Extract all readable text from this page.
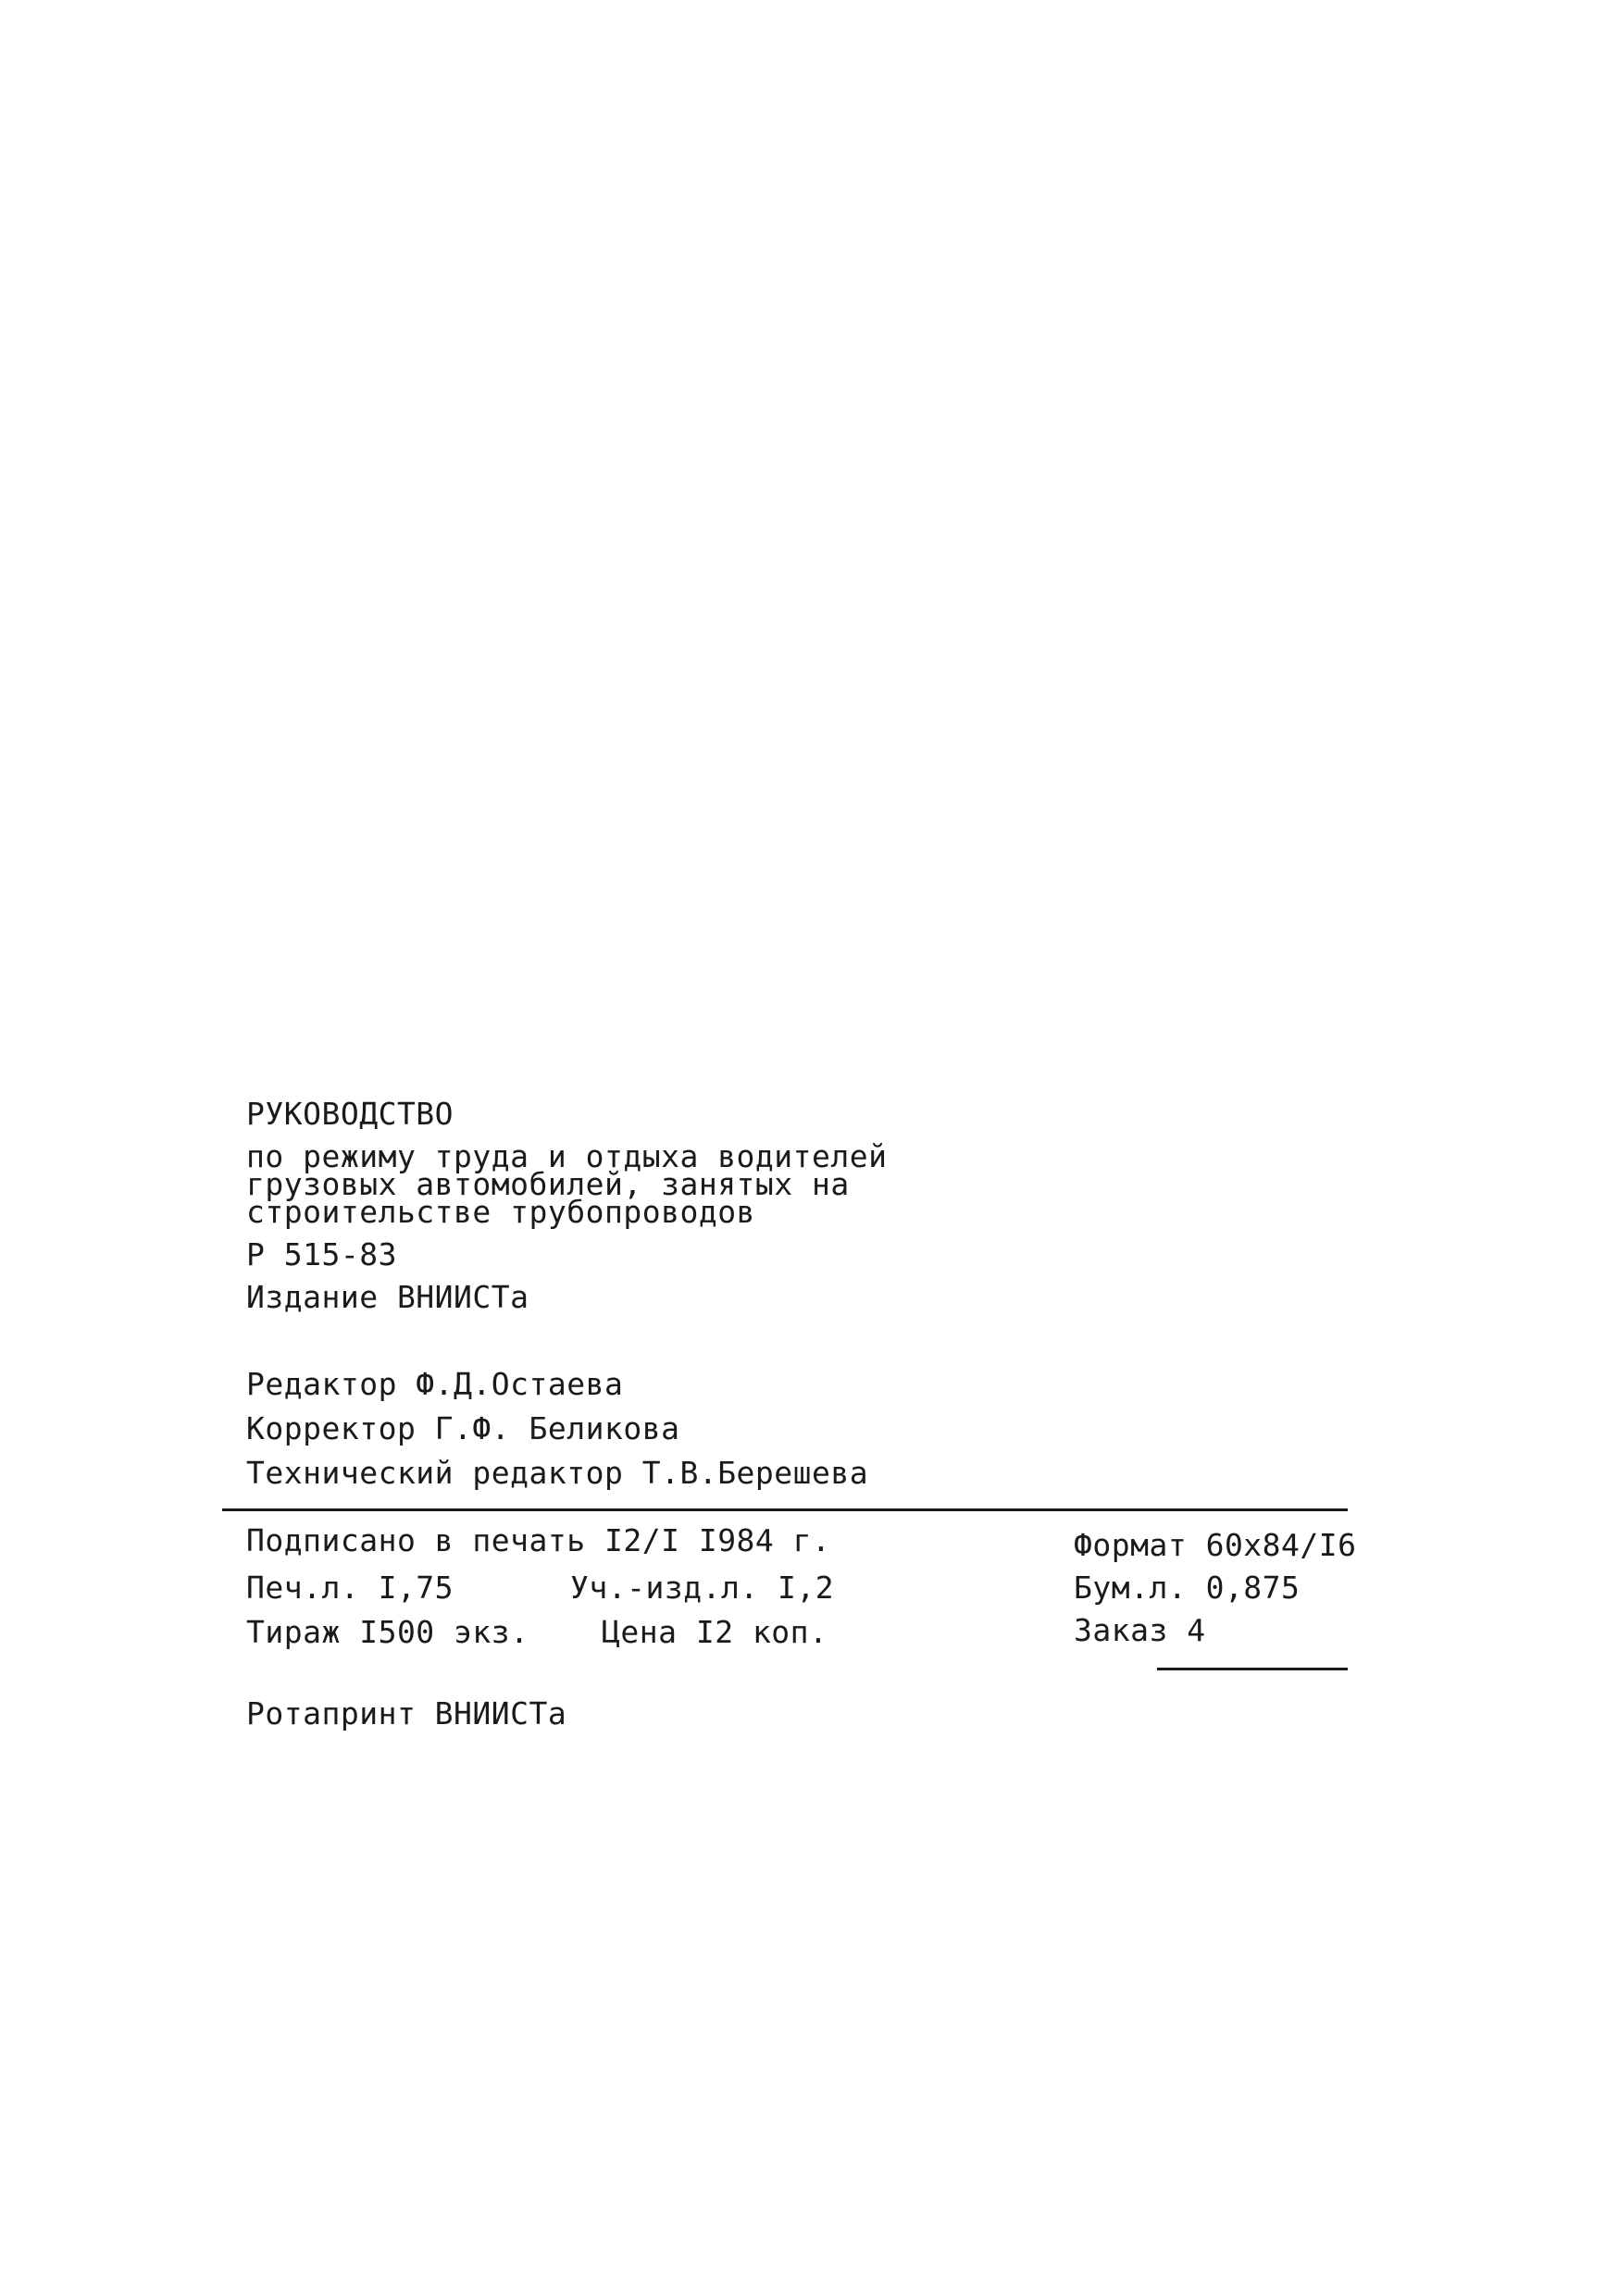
РУКОВОДСТВО
по режиму труда и отдыха водителей
грузовых автомобилей, занятых на
строительстве трубопроводов
Р 515-83
Издание ВНИИСТа
Редактор Ф.Д.Остаева
Корректор Г.Ф. Беликова
Технический редактор Т.В.Берешева
Подписано в печать I2/I I984 г.	Формат 60x84/I6
Печ.л. I,75	Уч.-изд.л. I,2	Бум.л. 0,875
Тираж I500 экз. Цена I2 коп.	Заказ 4
Ротапринт ВНИИСТа
